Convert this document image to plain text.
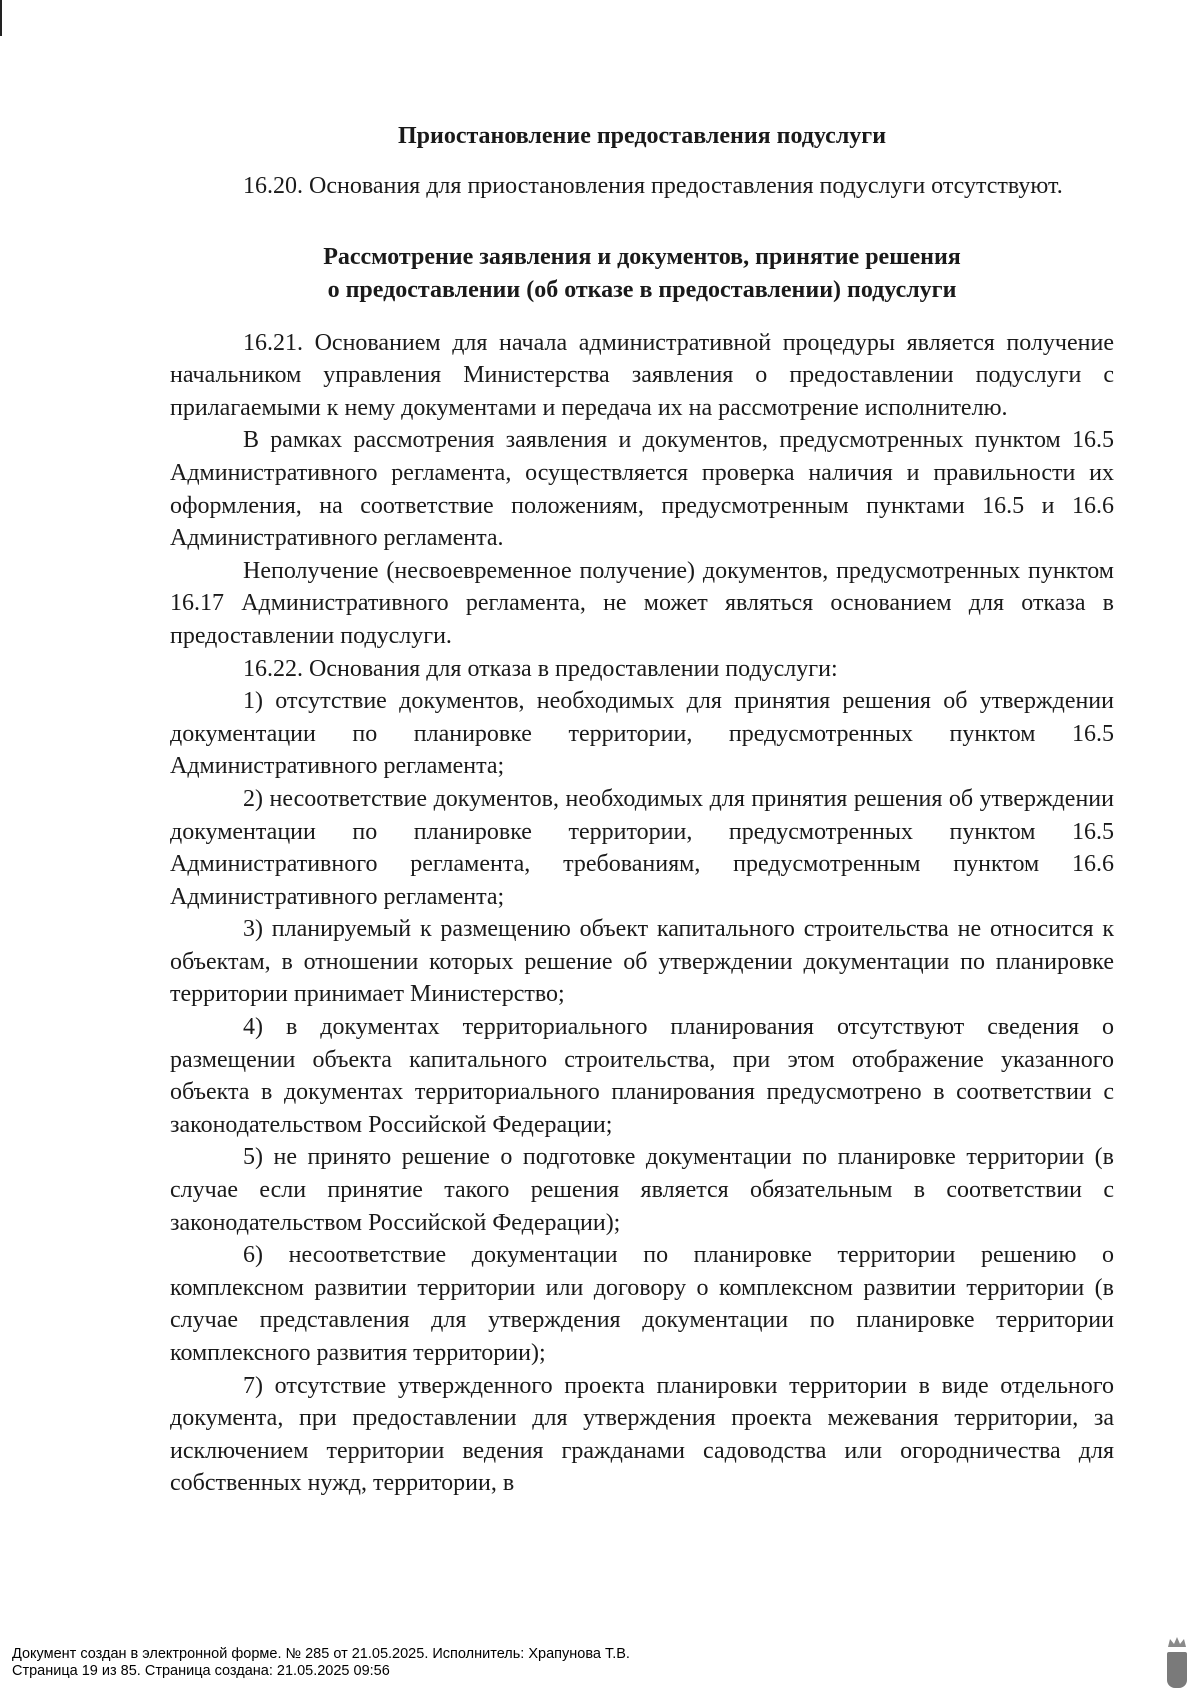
Приостановление предоставления подуслуги

16.20. Основания для приостановления предоставления подуслуги отсутствуют.

Рассмотрение заявления и документов, принятие решения

о предоставлении (об отказе в предоставлении) подуслуги

16.21. Основанием для начала административной процедуры является получение начальником управления Министерства заявления о предоставлении подуслуги с прилагаемыми к нему документами и передача их на рассмотрение исполнителю.

В рамках рассмотрения заявления и документов, предусмотренных пунктом 16.5 Административного регламента, осуществляется проверка наличия и правильности их оформления, на соответствие положениям, предусмотренным пунктами 16.5 и 16.6 Административного регламента.

Неполучение (несвоевременное получение) документов, предусмотренных пунктом 16.17 Административного регламента, не может являться основанием для отказа в предоставлении подуслуги.

16.22. Основания для отказа в предоставлении подуслуги:

1) отсутствие документов, необходимых для принятия решения об утверждении документации по планировке территории, предусмотренных пунктом 16.5 Административного регламента;

2) несоответствие документов, необходимых для принятия решения об утверждении документации по планировке территории, предусмотренных пунктом 16.5 Административного регламента, требованиям, предусмотренным пунктом 16.6 Административного регламента;

3) планируемый к размещению объект капитального строительства не относится к объектам, в отношении которых решение об утверждении документации по планировке территории принимает Министерство;

4) в документах территориального планирования отсутствуют сведения о размещении объекта капитального строительства, при этом отображение указанного объекта в документах территориального планирования предусмотрено в соответствии с законодательством Российской Федерации;

5) не принято решение о подготовке документации по планировке территории (в случае если принятие такого решения является обязательным в соответствии с законодательством Российской Федерации);

6) несоответствие документации по планировке территории решению о комплексном развитии территории или договору о комплексном развитии территории (в случае представления для утверждения документации по планировке территории комплексного развития территории);

7) отсутствие утвержденного проекта планировки территории в виде отдельного документа, при предоставлении для утверждения проекта межевания территории, за исключением территории ведения гражданами садоводства или огородничества для собственных нужд, территории, в

Документ создан в электронной форме. № 285 от 21.05.2025. Исполнитель: Храпунова Т.В.
Страница 19 из 85. Страница создана: 21.05.2025 09:56
